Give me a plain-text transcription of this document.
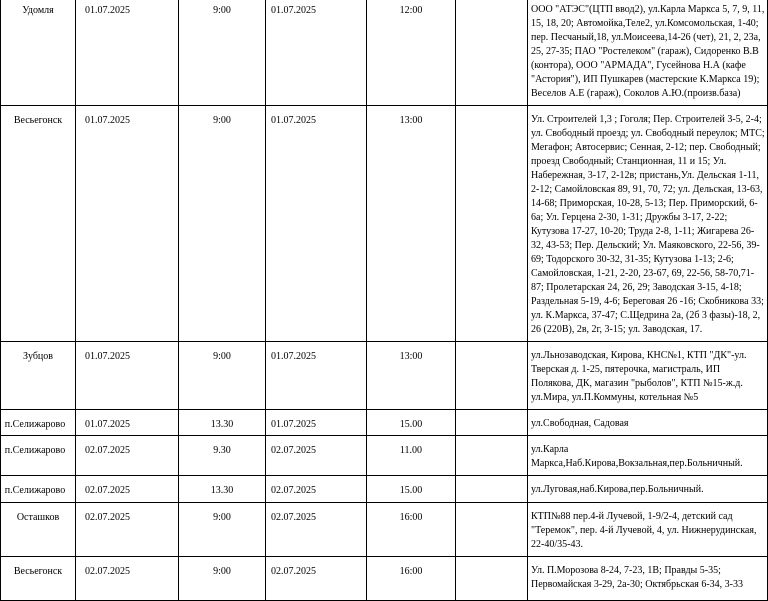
Удомля	01.07.2025	9:00	01.07.2025	12:00		ООО "АТЭС"(ЦТП ввод2), ул.Карла Маркса 5, 7, 9, 11, 15, 18, 20; Автомойка,Теле2, ул.Комсомольская, 1-40; пер. Песчаный,18, ул.Моисеева,14-26 (чет), 21, 2, 23а, 25, 27-35; ПАО "Ростелеком" (гараж), Сидоренко В.В (контора), ООО "АРМАДА", Гусейнова Н.А (кафе "Астория"), ИП Пушкарев (мастерские К.Маркса 19); Веселов А.Е (гараж), Соколов А.Ю.(произв.база)
Весьегонск	01.07.2025	9:00	01.07.2025	13:00		Ул. Строителей 1,3 ; Гоголя; Пер. Строителей 3-5, 2-4; ул. Свободный проезд; ул. Свободный переулок; МТС; Мегафон; Автосервис; Сенная, 2-12; пер. Свободный; проезд Свободный; Станционная, 11 и 15; Ул. Набережная, 3-17, 2-12в; пристань,Ул. Дельская 1-11, 2-12; Самойловская 89, 91, 70, 72; ул. Дельская, 13-63, 14-68; Приморская, 10-28, 5-13; Пер. Приморский, 6-6а; Ул. Герцена 2-30, 1-31; Дружбы 3-17, 2-22; Кутузова 17-27, 10-20; Труда 2-8, 1-11; Жигарева 26-32, 43-53; Пер. Дельский; Ул. Маяковского, 22-56, 39-69; Тодорского 30-32, 31-35; Кутузова 1-13; 2-6; Самойловская, 1-21, 2-20, 23-67, 69, 22-56, 58-70,71-87; Пролетарская 24, 26, 29; Заводская 3-15, 4-18; Раздельная 5-19, 4-6; Береговая 26 -16; Скобникова 33; ул. К.Маркса, 37-47; С.Щедрина 2а, (2б 3 фазы)-18, 2, 26 (220В), 2в, 2г, 3-15; ул. Заводская, 17.
Зубцов	01.07.2025	9:00	01.07.2025	13:00		ул.Льнозаводская, Кирова, КНС№1, КТП "ДК"-ул. Тверская д. 1-25, пятерочка, магистраль, ИП Полякова, ДК, магазин "рыболов", КТП №15-ж.д. ул.Мира, ул.П.Коммуны, котельная №5
п.Селижарово	01.07.2025	13.30	01.07.2025	15.00		ул.Свободная, Садовая
п.Селижарово	02.07.2025	9.30	02.07.2025	11.00		ул.Карла Маркса,Наб.Кирова,Вокзальная,пер.Больничный.
п.Селижарово	02.07.2025	13.30	02.07.2025	15.00		ул.Луговая,наб.Кирова,пер.Больничный.
Осташков	02.07.2025	9:00	02.07.2025	16:00		КТП№88 пер.4-й Лучевой, 1-9/2-4, детский сад "Теремок", пер. 4-й Лучевой, 4, ул. Нижнерудинская, 22-40/35-43.
Весьегонск	02.07.2025	9:00	02.07.2025	16:00		Ул. П.Морозова 8-24, 7-23, 1В; Правды 5-35; Первомайская 3-29, 2а-30; Октябрьская 6-34, 3-33
